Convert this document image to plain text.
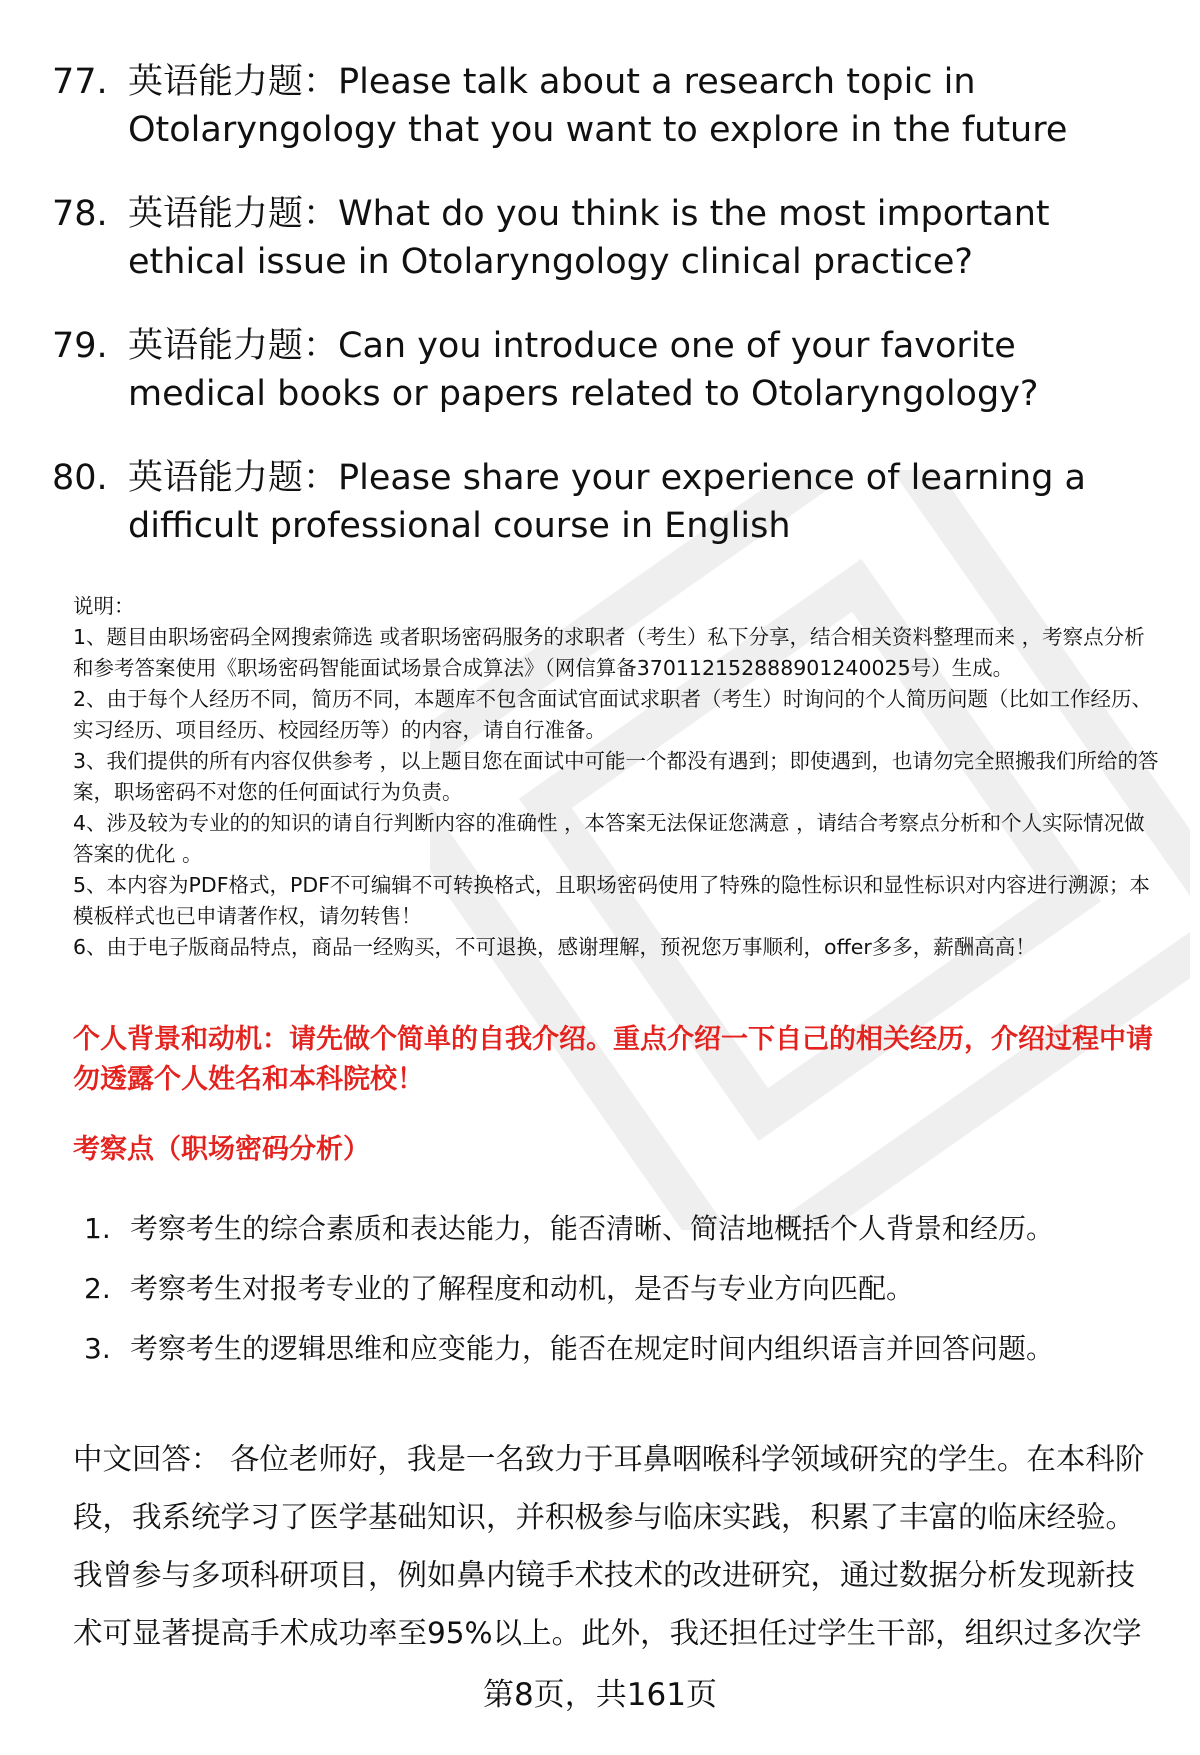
77. 英语能力题：Please talk about a research topic in Otolaryngology that you want to explore in the future
78. 英语能力题：What do you think is the most important ethical issue in Otolaryngology clinical practice?
79. 英语能力题：Can you introduce one of your favorite medical books or papers related to Otolaryngology?
80. 英语能力题：Please share your experience of learning a difficult professional course in English

说明：

1、题目由职场密码全网搜索筛选 或者职场密码服务的求职者（考生）私下分享，结合相关资料整理而来 ，考察点分析和参考答案使用《职场密码智能面试场景合成算法》（网信算备370112152888901240025号）生成。

2、由于每个人经历不同，简历不同，本题库不包含面试官面试求职者（考生）时询问的个人简历问题（比如工作经历、实习经历、项目经历、校园经历等）的内容，请自行准备。

3、我们提供的所有内容仅供参考 ，以上题目您在面试中可能一个都没有遇到；即使遇到，也请勿完全照搬我们所给的答案，职场密码不对您的任何面试行为负责。

4、涉及较为专业的的知识的请自行判断内容的准确性 ，本答案无法保证您满意 ，请结合考察点分析和个人实际情况做答案的优化 。

5、本内容为PDF格式，PDF不可编辑不可转换格式，且职场密码使用了特殊的隐性标识和显性标识对内容进行溯源；本模板样式也已申请著作权，请勿转售！

6、由于电子版商品特点，商品一经购买，不可退换，感谢理解，预祝您万事顺利，offer多多，薪酬高高！

个人背景和动机：请先做个简单的自我介绍。重点介绍一下自己的相关经历，介绍过程中请勿透露个人姓名和本科院校！
考察点（职场密码分析）
1. 考察考生的综合素质和表达能力，能否清晰、简洁地概括个人背景和经历。
2. 考察考生对报考专业的了解程度和动机，是否与专业方向匹配。
3. 考察考生的逻辑思维和应变能力，能否在规定时间内组织语言并回答问题。
中文回答： 各位老师好，我是一名致力于耳鼻咽喉科学领域研究的学生。在本科阶段，我系统学习了医学基础知识，并积极参与临床实践，积累了丰富的临床经验。我曾参与多项科研项目，例如鼻内镜手术技术的改进研究，通过数据分析发现新技术可显著提高手术成功率至95%以上。此外，我还担任过学生干部，组织过多次学
第8页，共161页
